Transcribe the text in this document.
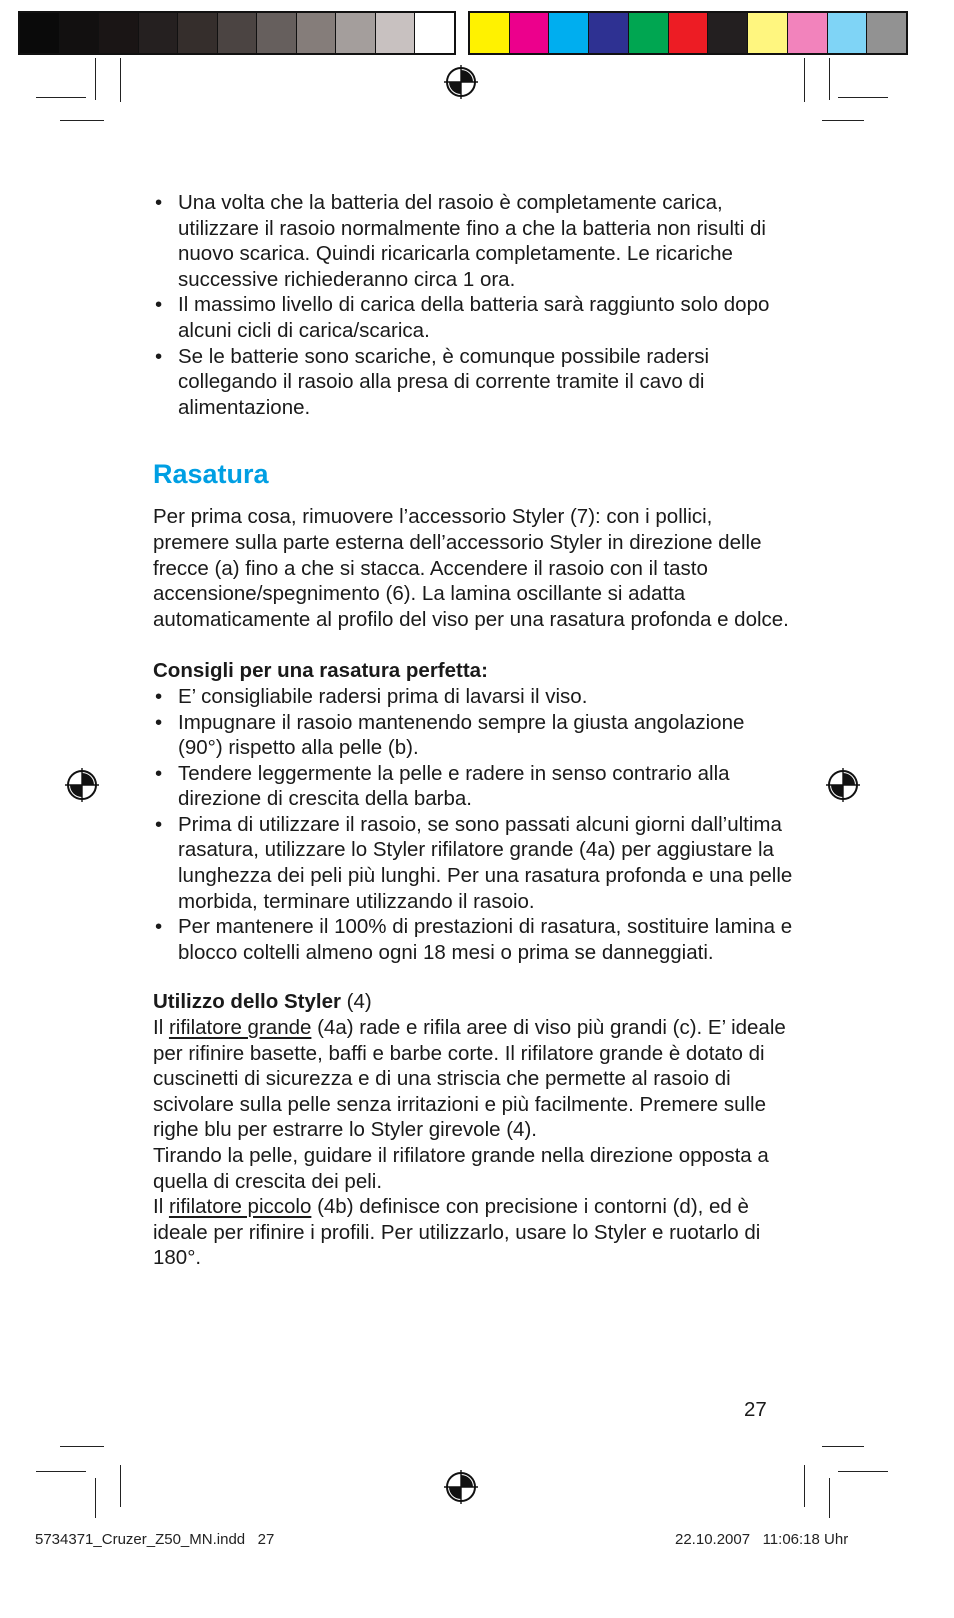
• Una volta che la batteria del rasoio è completamente carica, utilizzare il rasoio normalmente fino a che la batteria non risulti di nuovo scarica. Quindi ricaricarla completamente. Le ricariche successive richiederanno circa 1 ora.
• Il massimo livello di carica della batteria sarà raggiunto solo dopo alcuni cicli di carica/scarica.
• Se le batterie sono scariche, è comunque possibile radersi collegando il rasoio alla presa di corrente tramite il cavo di alimentazione.
Rasatura

Per prima cosa, rimuovere l’accessorio Styler (7): con i pollici, premere sulla parte esterna dell’accessorio Styler in direzione delle frecce (a) fino a che si stacca. Accendere il rasoio con il tasto accensione/spegnimento (6). La lamina oscillante si adatta automaticamente al profilo del viso per una rasatura profonda e dolce.

Consigli per una rasatura perfetta:

• E’ consigliabile radersi prima di lavarsi il viso.
• Impugnare il rasoio mantenendo sempre la giusta angolazione (90°) rispetto alla pelle (b).
• Tendere leggermente la pelle e radere in senso contrario alla direzione di crescita della barba.
• Prima di utilizzare il rasoio, se sono passati alcuni giorni dall’ultima rasatura, utilizzare lo Styler rifilatore grande (4a) per aggiustare la lunghezza dei peli più lunghi. Per una rasatura profonda e una pelle morbida, terminare utilizzando il rasoio.
• Per mantenere il 100% di prestazioni di rasatura, sostituire lamina e blocco coltelli almeno ogni 18 mesi o prima se danneggiati.

Utilizzo dello Styler (4)

Il rifilatore grande (4a) rade e rifila aree di viso più grandi (c). E’ ideale per rifinire basette, baffi e barbe corte. Il rifilatore grande è dotato di cuscinetti di sicurezza e di una striscia che permette al rasoio di scivolare sulla pelle senza irritazioni e più facilmente. Premere sulle righe blu per estrarre lo Styler girevole (4).

Tirando la pelle, guidare il rifilatore grande nella direzione opposta a quella di crescita dei peli.

Il rifilatore piccolo (4b) definisce con precisione i contorni (d), ed è ideale per rifinire i profili. Per utilizzarlo, usare lo Styler e ruotarlo di 180°.

27
5734371_Cruzer_Z50_MN.indd   27	22.10.2007   11:06:18 Uhr
